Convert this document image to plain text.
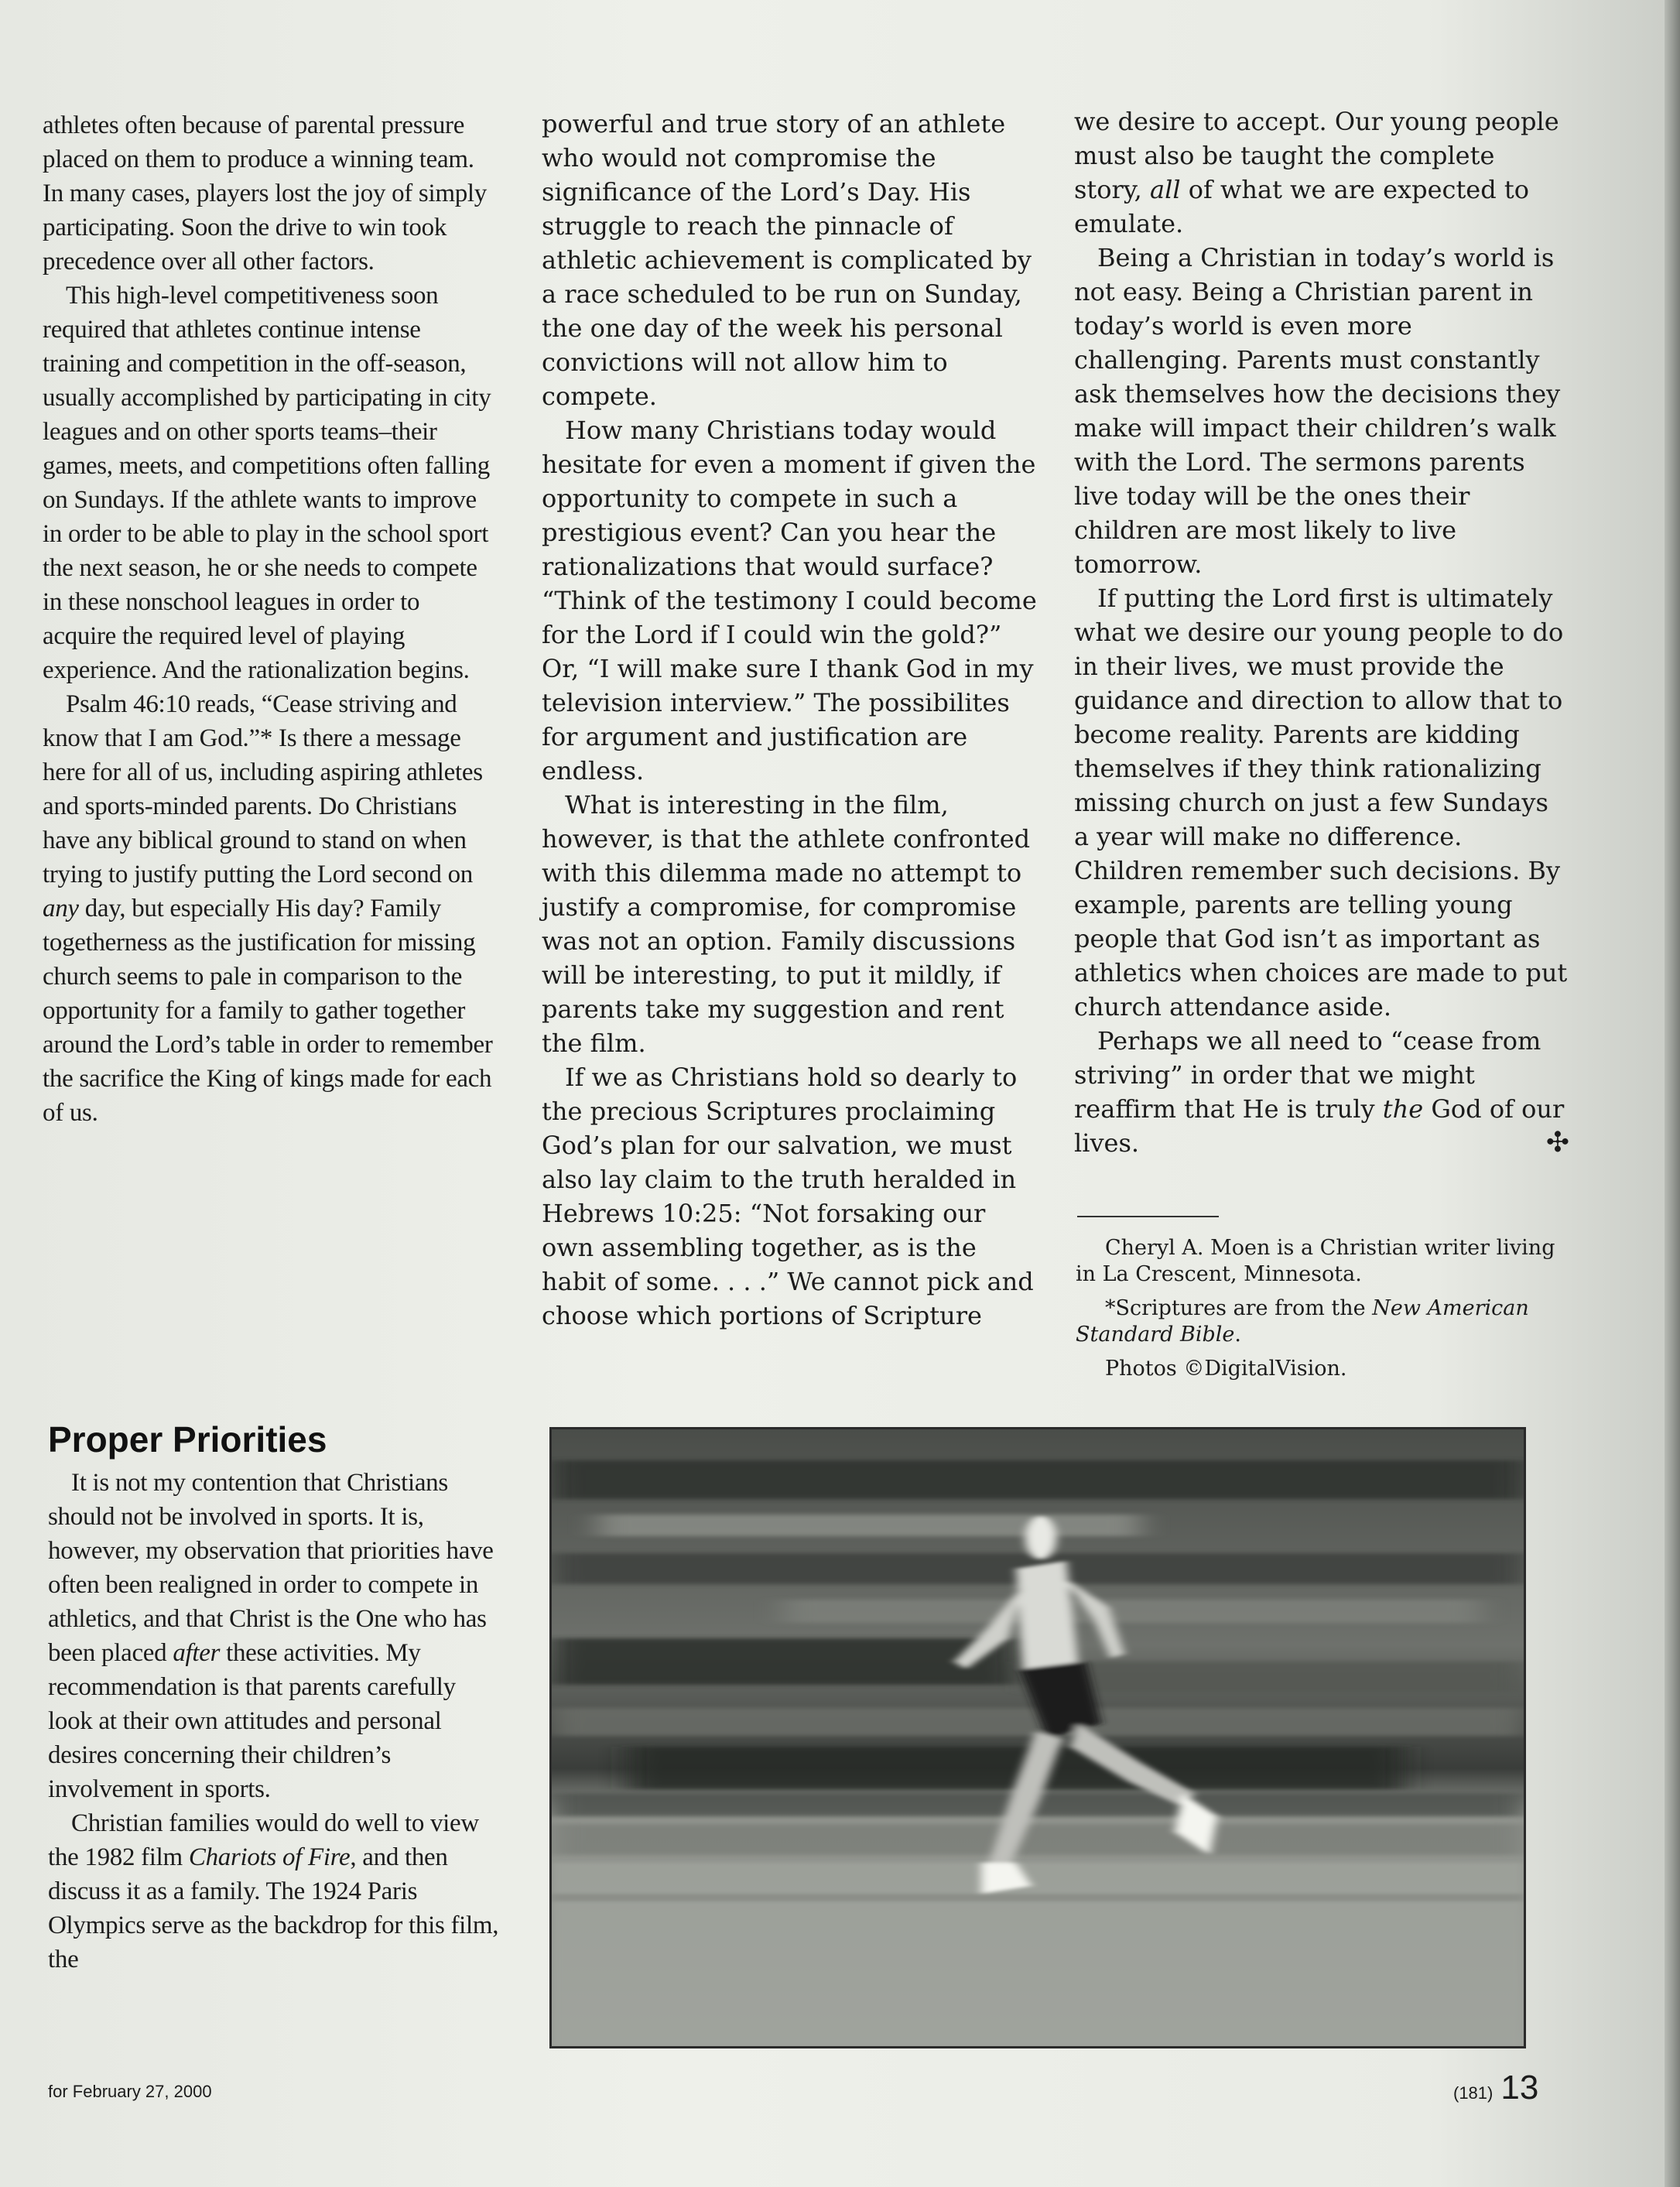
athletes often because of parental pressure placed on them to produce a winning team. In many cases, players lost the joy of simply participating. Soon the drive to win took precedence over all other factors.

This high-level competitiveness soon required that athletes continue intense training and competition in the off-season, usually accomplished by participating in city leagues and on other sports teams–their games, meets, and competitions often falling on Sundays. If the athlete wants to improve in order to be able to play in the school sport the next season, he or she needs to compete in these nonschool leagues in order to acquire the required level of playing experience. And the rationalization begins.

Psalm 46:10 reads, “Cease striving and know that I am God.”* Is there a message here for all of us, including aspiring athletes and sports-minded parents. Do Christians have any biblical ground to stand on when trying to justify putting the Lord second on any day, but especially His day? Family togetherness as the justification for missing church seems to pale in comparison to the opportunity for a family to gather together around the Lord’s table in order to remember the sacrifice the King of kings made for each of us.

Proper Priorities

It is not my contention that Christians should not be involved in sports. It is, however, my observation that priorities have often been realigned in order to compete in athletics, and that Christ is the One who has been placed after these activities. My recommendation is that parents carefully look at their own attitudes and personal desires concerning their children’s involvement in sports.

Christian families would do well to view the 1982 film Chariots of Fire, and then discuss it as a family. The 1924 Paris Olympics serve as the backdrop for this film, the

powerful and true story of an athlete who would not compromise the significance of the Lord’s Day. His struggle to reach the pinnacle of athletic achievement is complicated by a race scheduled to be run on Sunday, the one day of the week his personal convictions will not allow him to compete.

How many Christians today would hesitate for even a moment if given the opportunity to compete in such a prestigious event? Can you hear the rationalizations that would surface? “Think of the testimony I could become for the Lord if I could win the gold?” Or, “I will make sure I thank God in my television interview.” The possibilites for argument and justification are endless.

What is interesting in the film, however, is that the athlete confronted with this dilemma made no attempt to justify a compromise, for compromise was not an option. Family discussions will be interesting, to put it mildly, if parents take my suggestion and rent the film.

If we as Christians hold so dearly to the precious Scriptures proclaiming God’s plan for our salvation, we must also lay claim to the truth heralded in Hebrews 10:25: “Not forsaking our own assembling together, as is the habit of some. . . .” We cannot pick and choose which portions of Scripture

we desire to accept. Our young people must also be taught the complete story, all of what we are expected to emulate.

Being a Christian in today’s world is not easy. Being a Christian parent in today’s world is even more challenging. Parents must constantly ask themselves how the decisions they make will impact their children’s walk with the Lord. The sermons parents live today will be the ones their children are most likely to live tomorrow.

If putting the Lord first is ultimately what we desire our young people to do in their lives, we must provide the guidance and direction to allow that to become reality. Parents are kidding themselves if they think rationalizing missing church on just a few Sundays a year will make no difference. Children remember such decisions. By example, parents are telling young people that God isn’t as important as athletics when choices are made to put church attendance aside.

Perhaps we all need to “cease from striving” in order that we might reaffirm that He is truly the God of our lives.	✣

Cheryl A. Moen is a Christian writer living in La Crescent, Minnesota.

*Scriptures are from the New American Standard Bible.

Photos ©DigitalVision.

for February 27, 2000	(181) 13
